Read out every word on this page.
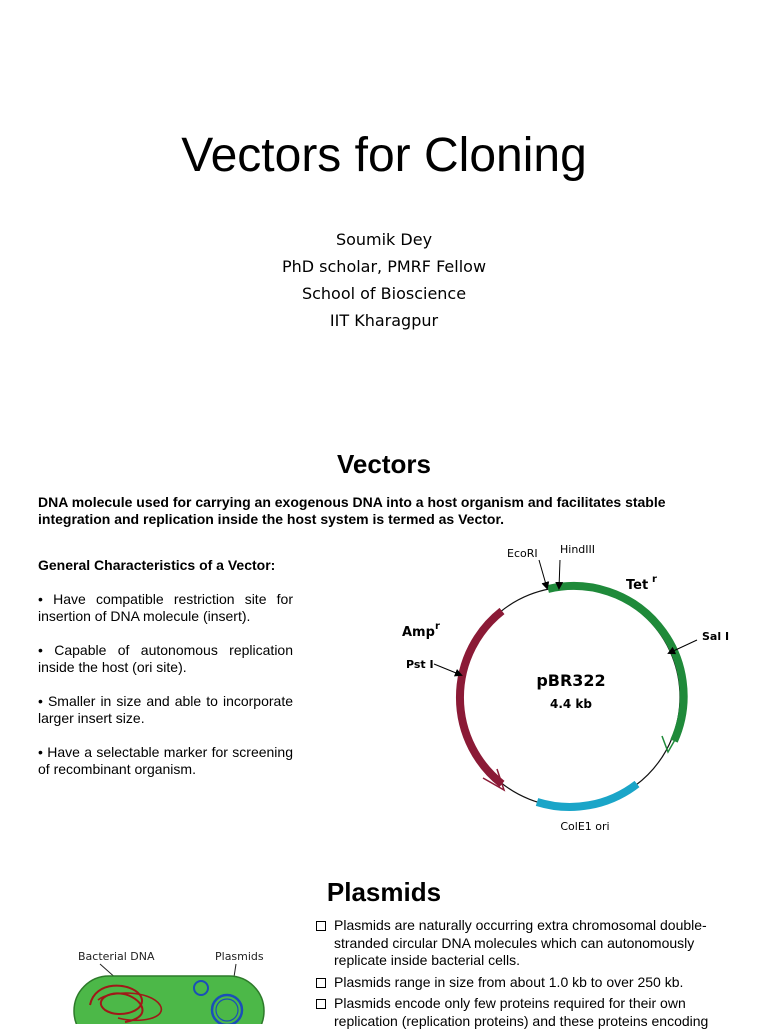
Vectors for Cloning
Soumik Dey
PhD scholar, PMRF Fellow
School of Bioscience
IIT Kharagpur
Vectors
DNA molecule used for carrying an exogenous DNA into a host organism and facilitates stable integration and replication inside the host system is termed as Vector.
General Characteristics of a Vector:

• Have compatible restriction site for insertion of DNA molecule (insert).

• Capable of autonomous replication inside the host (ori site).

• Smaller in size and able to incorporate larger insert size.

• Have a selectable marker for screening of recombinant organism.

EcoRI HindIII
Tet r
Sal I
Amp r
Pst I
pBR322
4.4 kb
ColE1 ori
Plasmids
Bacterial DNA	Plasmids
Plasmids are naturally occurring extra chromosomal double-stranded circular DNA molecules which can autonomously replicate inside bacterial cells.
Plasmids range in size from about 1.0 kb to over 250 kb.
Plasmids encode only few proteins required for their own replication (replication proteins) and these proteins encoding
